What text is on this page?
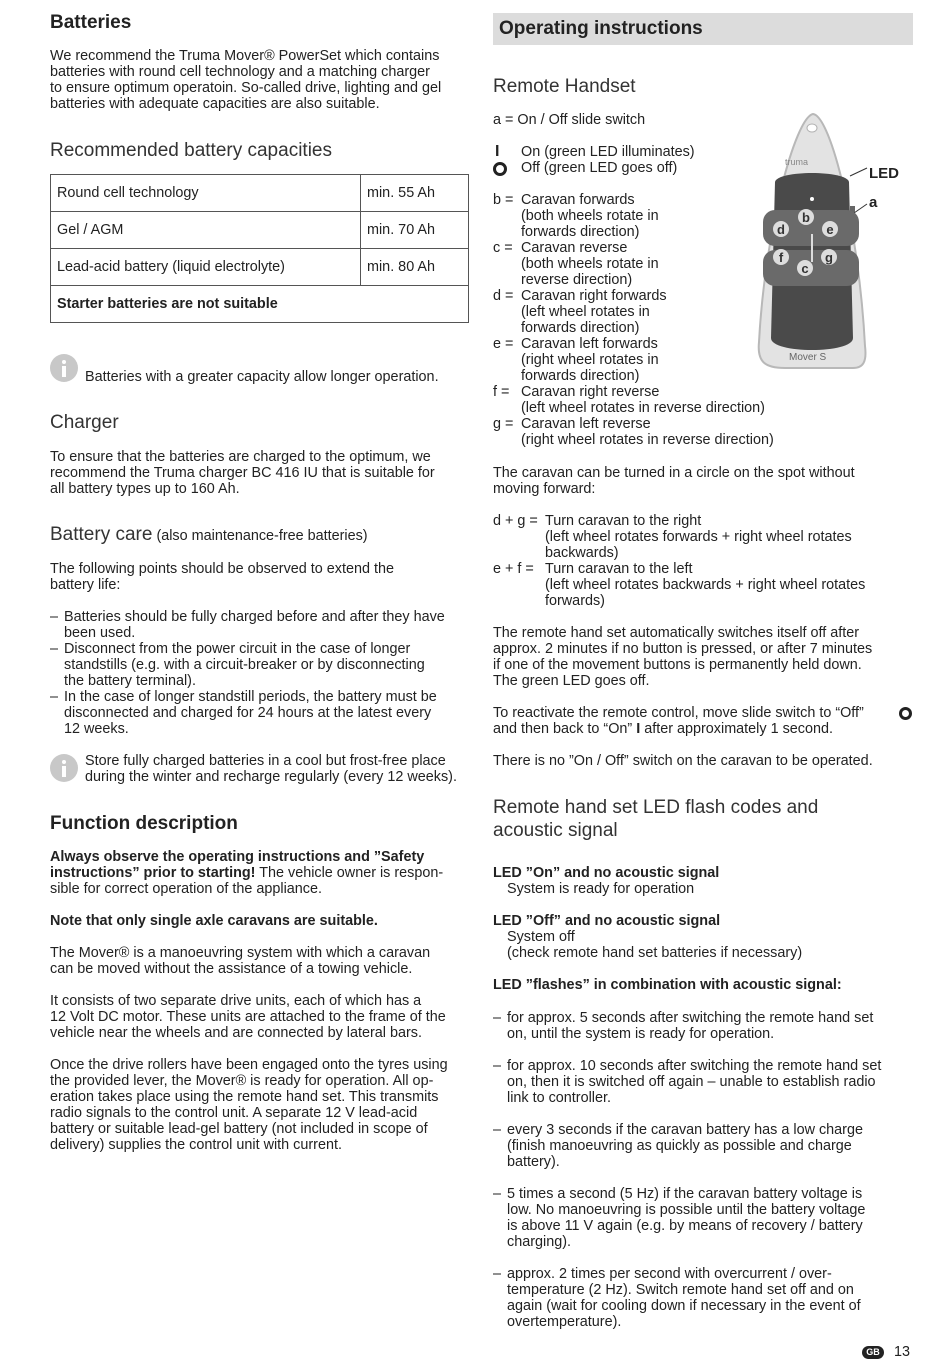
Batteries

We recommend the Truma Mover® PowerSet which contains

batteries with round cell technology and a matching charger

to ensure optimum operatoin. So-called drive, lighting and gel

batteries with adequate capacities are also suitable.

Recommended battery capacities
Round cell technology	min. 55 Ah
Gel / AGM	min. 70 Ah
Lead-acid battery (liquid electrolyte)	min. 80 Ah
Starter batteries are not suitable	
Batteries with a greater capacity allow longer operation.
Charger

To ensure that the batteries are charged to the optimum, we

recommend the Truma charger BC 416 IU that is suitable for

all battery types up to 160 Ah.

Battery care (also maintenance-free batteries)

The following points should be observed to extend the

battery life:

– Batteries should be fully charged before and after they have

been used.

– Disconnect from the power circuit in the case of longer

standstills (e.g. with a circuit-breaker or by disconnecting

the battery terminal).

– In the case of longer standstill periods, the battery must be

disconnected and charged for 24 hours at the latest every

12 weeks.

Store fully charged batteries in a cool but frost-free place

during the winter and recharge regularly (every 12 weeks).

Function description

Always observe the operating instructions and ”Safety

instructions” prior to starting! The vehicle owner is respon-

sible for correct operation of the appliance.

Note that only single axle caravans are suitable.

The Mover® is a manoeuvring system with which a caravan

can be moved without the assistance of a towing vehicle.

It consists of two separate drive units, each of which has a

12 Volt DC motor. These units are attached to the frame of the

vehicle near the wheels and are connected by lateral bars.

Once the drive rollers have been engaged onto the tyres using

the provided lever, the Mover® is ready for operation. All op-

eration takes place using the remote hand set. This transmits

radio signals to the control unit. A separate 12 V lead-acid

battery or suitable lead-gel battery (not included in scope of

delivery) supplies the control unit with current.

Operating instructions
Remote Handset
a = On / Off slide switch
I On (green LED illuminates)
Off (green LED goes off)
b = Caravan forwards

(both wheels rotate in

forwards direction)

c = Caravan reverse

(both wheels rotate in

reverse direction)

d = Caravan right forwards

(left wheel rotates in

forwards direction)

e = Caravan left forwards

(right wheel rotates in

forwards direction)

f = Caravan right reverse

(left wheel rotates in reverse direction)

g = Caravan left reverse

(right wheel rotates in reverse direction)

truma
LED
a
b
c
d	e
f	g
Mover S

The caravan can be turned in a circle on the spot without

moving forward:

d + g = Turn caravan to the right

(left wheel rotates forwards + right wheel rotates

backwards)

e + f = Turn caravan to the left

(left wheel rotates backwards + right wheel rotates

forwards)

The remote hand set automatically switches itself off after

approx. 2 minutes if no button is pressed, or after 7 minutes

if one of the movement buttons is permanently held down.

The green LED goes off.

To reactivate the remote control, move slide switch to “Off”

and then back to “On” I after approximately 1 second.

There is no ”On / Off” switch on the caravan to be operated.

Remote hand set LED flash codes and

acoustic signal

LED ”On” and no acoustic signal
System is ready for operation
LED ”Off” and no acoustic signal

System off

(check remote hand set batteries if necessary)

LED ”flashes” in combination with acoustic signal:
– for approx. 5 seconds after switching the remote hand set

on, until the system is ready for operation.

– for approx. 10 seconds after switching the remote hand set

on, then it is switched off again – unable to establish radio

link to controller.

– every 3 seconds if the caravan battery has a low charge

(finish manoeuvring as quickly as possible and charge

battery).

– 5 times a second (5 Hz) if the caravan battery voltage is

low. No manoeuvring is possible until the battery voltage

is above 11 V again (e.g. by means of recovery / battery

charging).

– approx. 2 times per second with overcurrent / over-

temperature (2 Hz). Switch remote hand set off and on

again (wait for cooling down if necessary in the event of

overtemperature).

GB 13
